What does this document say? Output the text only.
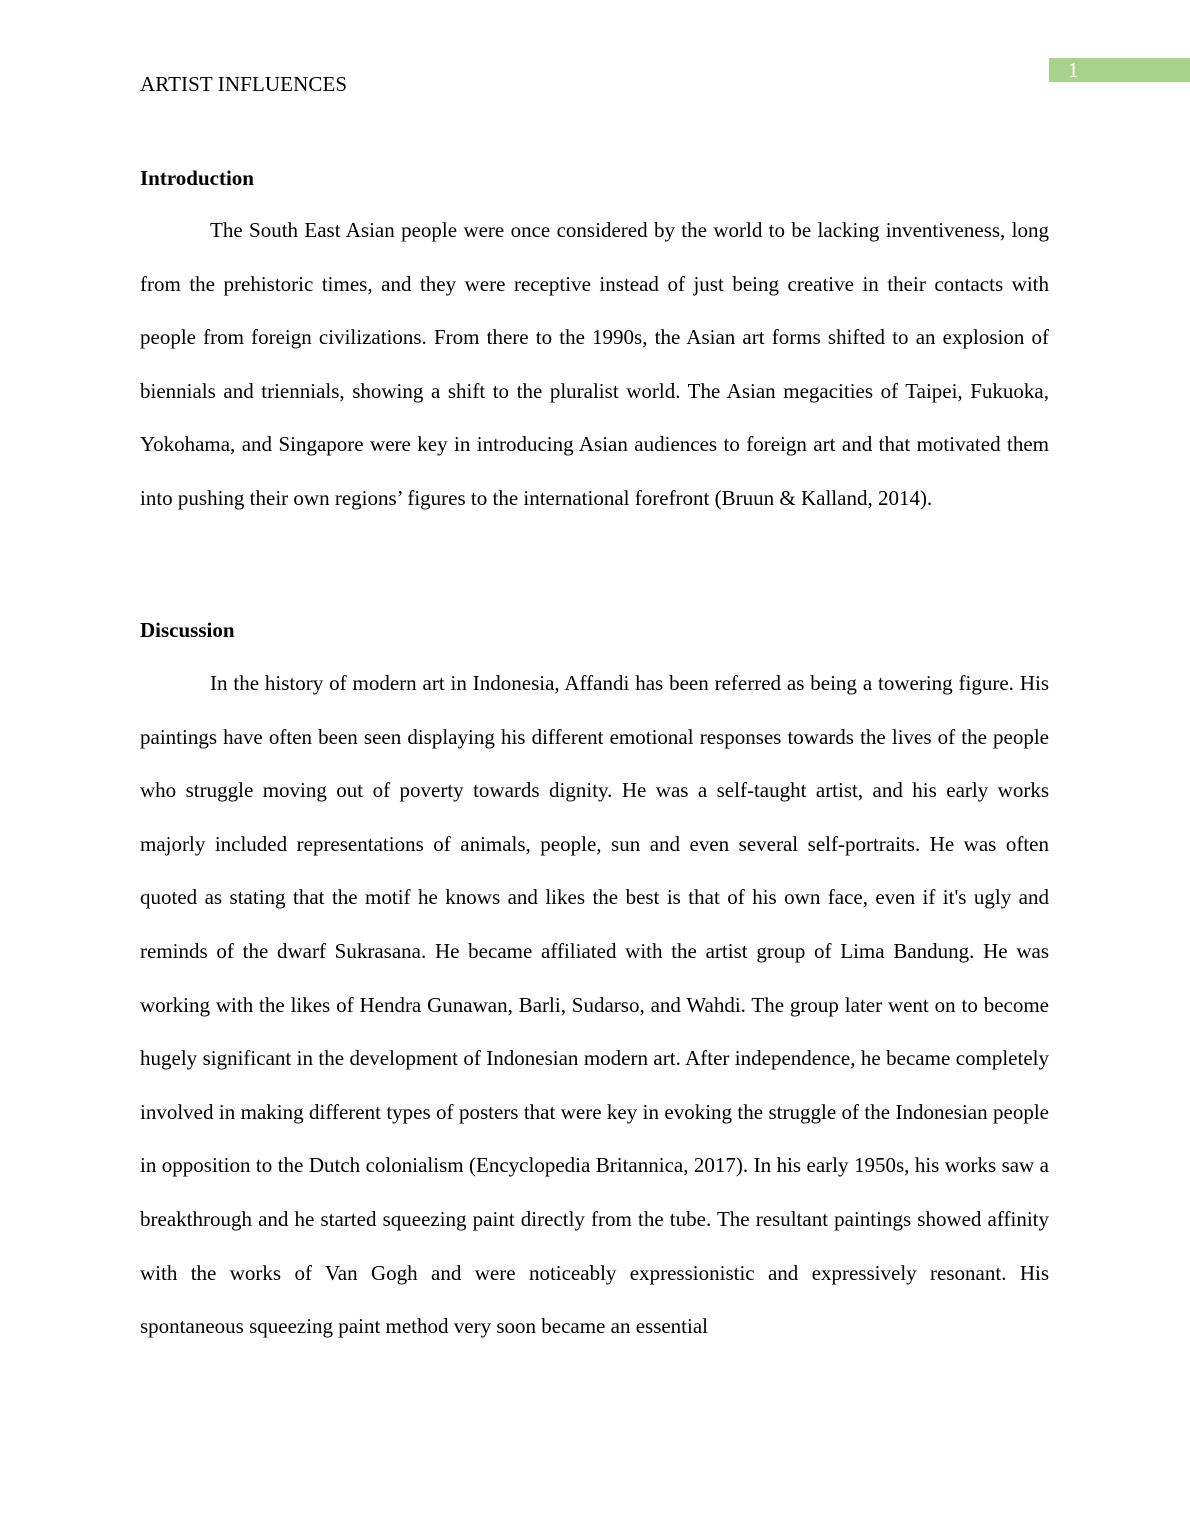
1
ARTIST INFLUENCES
Introduction

The South East Asian people were once considered by the world to be lacking inventiveness, long from the prehistoric times, and they were receptive instead of just being creative in their contacts with people from foreign civilizations. From there to the 1990s, the Asian art forms shifted to an explosion of biennials and triennials, showing a shift to the pluralist world. The Asian megacities of Taipei, Fukuoka, Yokohama, and Singapore were key in introducing Asian audiences to foreign art and that motivated them into pushing their own regions’ figures to the international forefront (Bruun & Kalland, 2014).

Discussion

In the history of modern art in Indonesia, Affandi has been referred as being a towering figure. His paintings have often been seen displaying his different emotional responses towards the lives of the people who struggle moving out of poverty towards dignity. He was a self-taught artist, and his early works majorly included representations of animals, people, sun and even several self-portraits. He was often quoted as stating that the motif he knows and likes the best is that of his own face, even if it's ugly and reminds of the dwarf Sukrasana. He became affiliated with the artist group of Lima Bandung. He was working with the likes of Hendra Gunawan, Barli, Sudarso, and Wahdi. The group later went on to become hugely significant in the development of Indonesian modern art. After independence, he became completely involved in making different types of posters that were key in evoking the struggle of the Indonesian people in opposition to the Dutch colonialism (Encyclopedia Britannica, 2017). In his early 1950s, his works saw a breakthrough and he started squeezing paint directly from the tube. The resultant paintings showed affinity with the works of Van Gogh and were noticeably expressionistic and expressively resonant. His spontaneous squeezing paint method very soon became an essential
